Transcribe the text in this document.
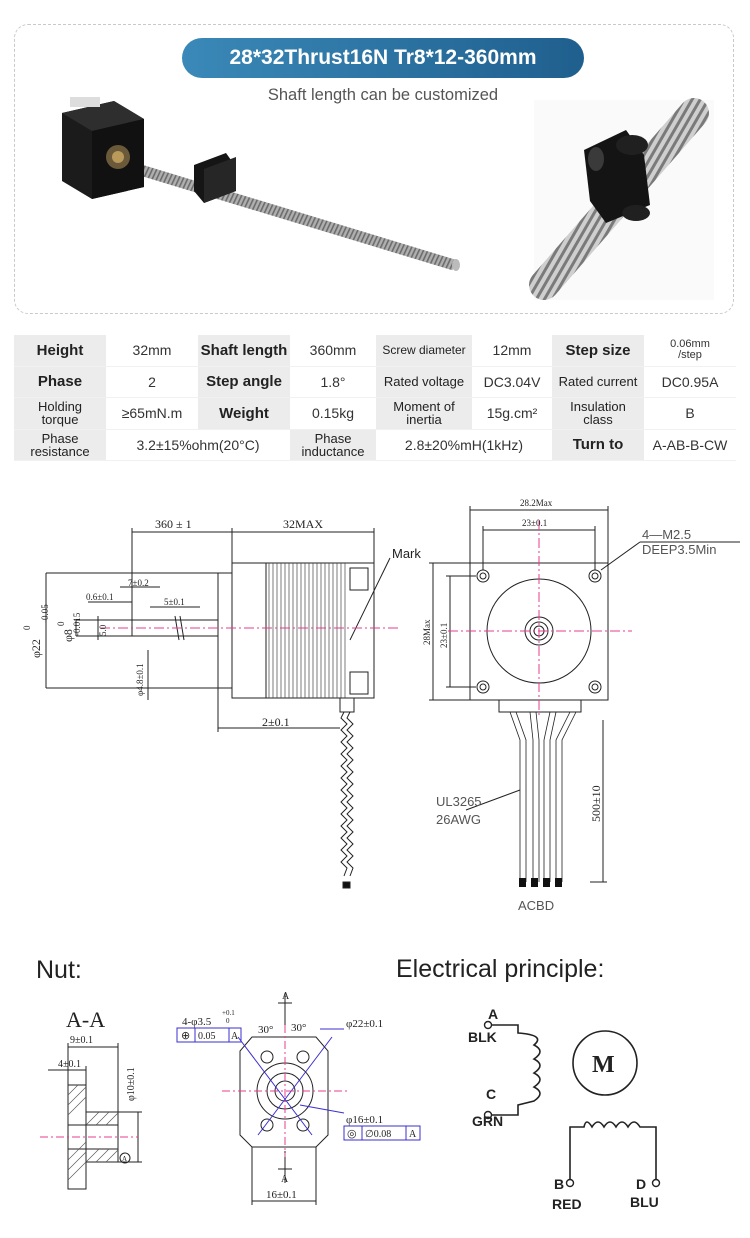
28*32Thrust16N Tr8*12-360mm
Shaft length can be customized
Height	32mm	Shaft length	360mm	Screw diameter	12mm	Step size	0.06mm /step
Phase	2	Step angle	1.8°	Rated voltage	DC3.04V	Rated current	DC0.95A
Holding torque	≥65mN.m	Weight	0.15kg	Moment of inertia	15g.cm²	Insulation class	B
Phase resistance	3.2±15%ohm(20°C)		Phase inductance	2.8±20%mH(1kHz)		Turn to	A-AB-B-CW
360 ± 1	32MAX
Mark
7±0.2
0.6±0.1	5±0.1
φ22
0
-0.05
φ8
0 -0.015 5.0
φ4.8±0.1
2±0.1
28.2Max
23±0.1
4—M2.5
DEEP3.5Min
28Max 23±0.1
500±10
UL3265
26AWG
ACBD
Nut:	Electrical principle:
A-A
9±0.1
4±0.1
φ10±0.1
A
4-φ3.5
+0.1
0
⊕ 0.05 A
30° 30°	φ22±0.1
φ16±0.1
◎ ∅0.08 A
A
A
16±0.1
M
A
BLK
C
GRN
B
RED
D
BLU
